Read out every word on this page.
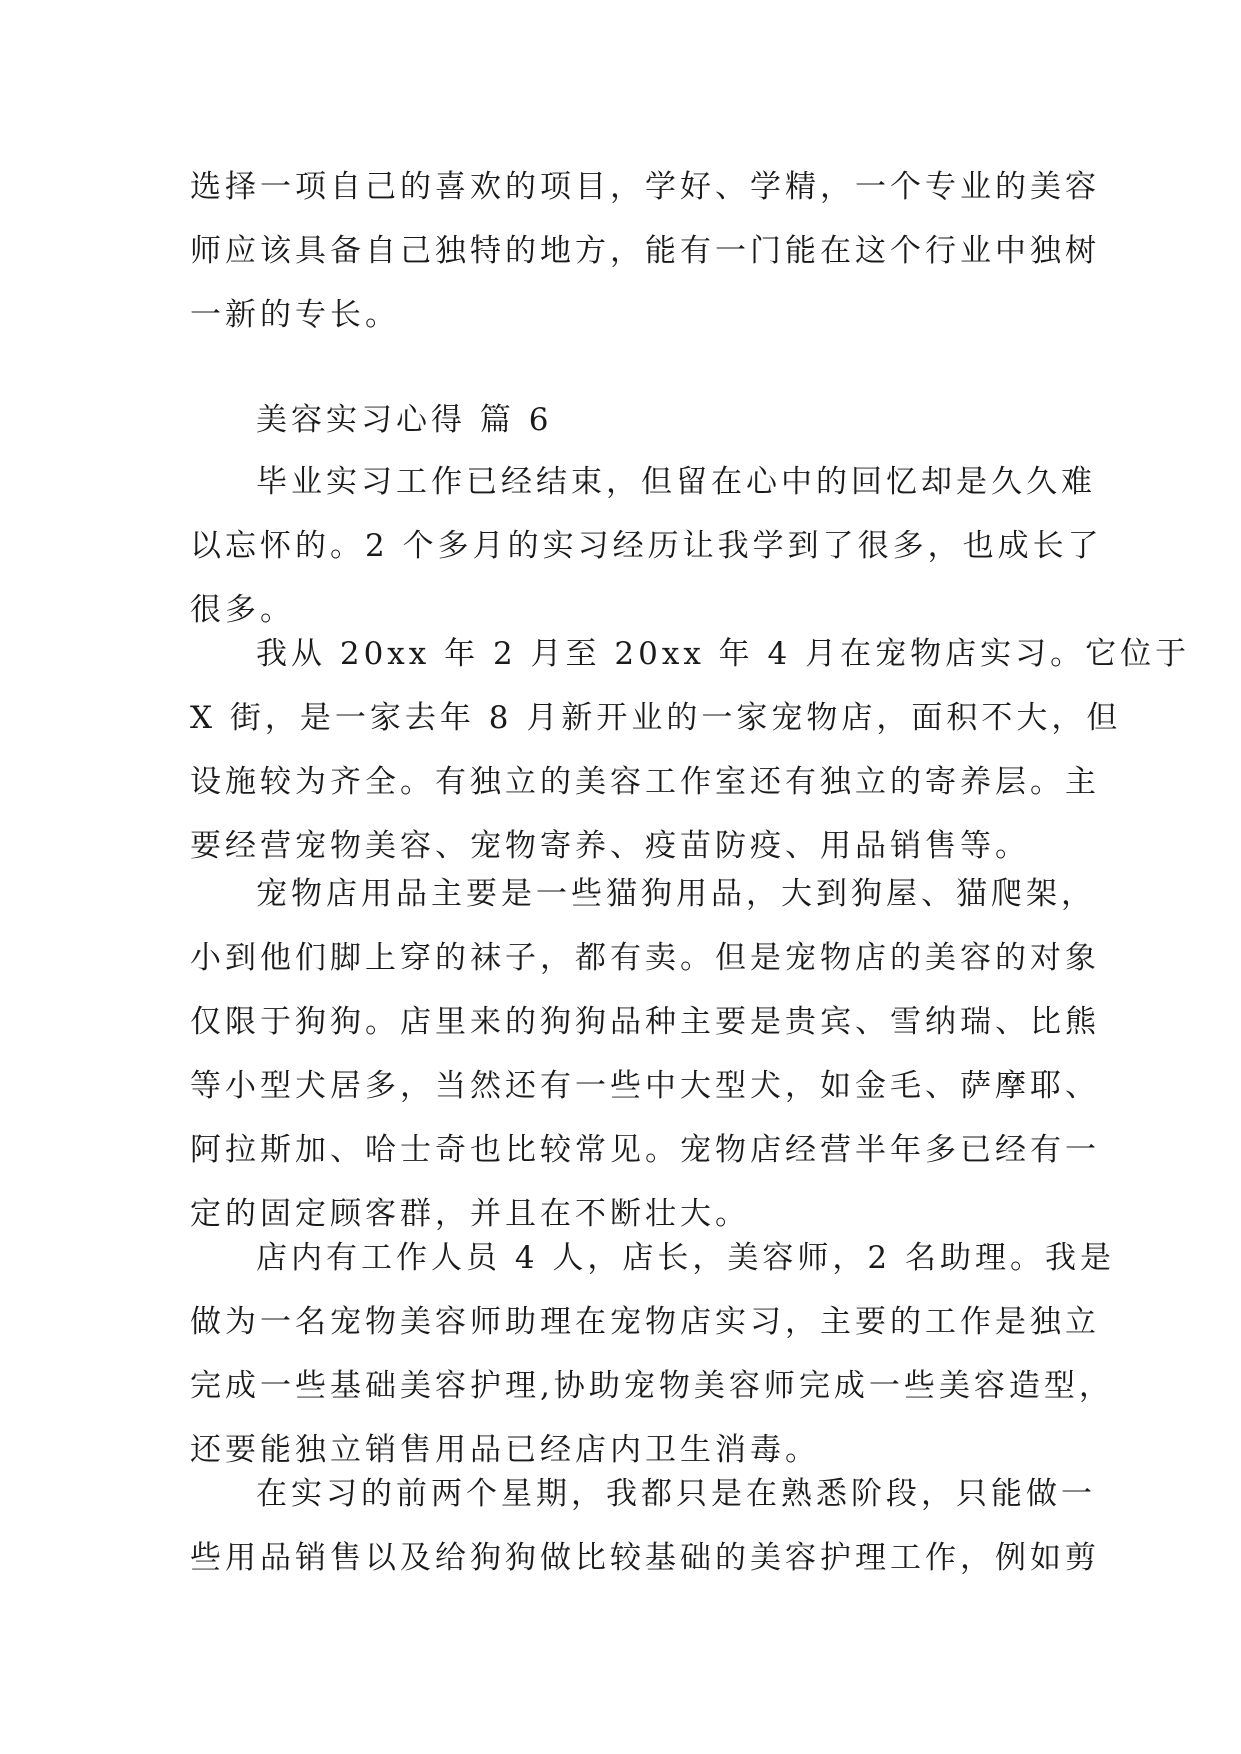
选择一项自己的喜欢的项目，学好、学精，一个专业的美容
师应该具备自己独特的地方，能有一门能在这个行业中独树
一新的专长。
美容实习心得 篇 6
毕业实习工作已经结束，但留在心中的回忆却是久久难
以忘怀的。2 个多月的实习经历让我学到了很多，也成长了
很多。
我从 20xx 年 2 月至 20xx 年 4 月在宠物店实习。它位于
X 街，是一家去年 8 月新开业的一家宠物店，面积不大，但
设施较为齐全。有独立的美容工作室还有独立的寄养层。主
要经营宠物美容、宠物寄养、疫苗防疫、用品销售等。
宠物店用品主要是一些猫狗用品，大到狗屋、猫爬架，
小到他们脚上穿的袜子，都有卖。但是宠物店的美容的对象
仅限于狗狗。店里来的狗狗品种主要是贵宾、雪纳瑞、比熊
等小型犬居多，当然还有一些中大型犬，如金毛、萨摩耶、
阿拉斯加、哈士奇也比较常见。宠物店经营半年多已经有一
定的固定顾客群，并且在不断壮大。
店内有工作人员 4 人，店长，美容师，2 名助理。我是
做为一名宠物美容师助理在宠物店实习，主要的工作是独立
完成一些基础美容护理,协助宠物美容师完成一些美容造型，
还要能独立销售用品已经店内卫生消毒。
在实习的前两个星期，我都只是在熟悉阶段，只能做一
些用品销售以及给狗狗做比较基础的美容护理工作，例如剪
